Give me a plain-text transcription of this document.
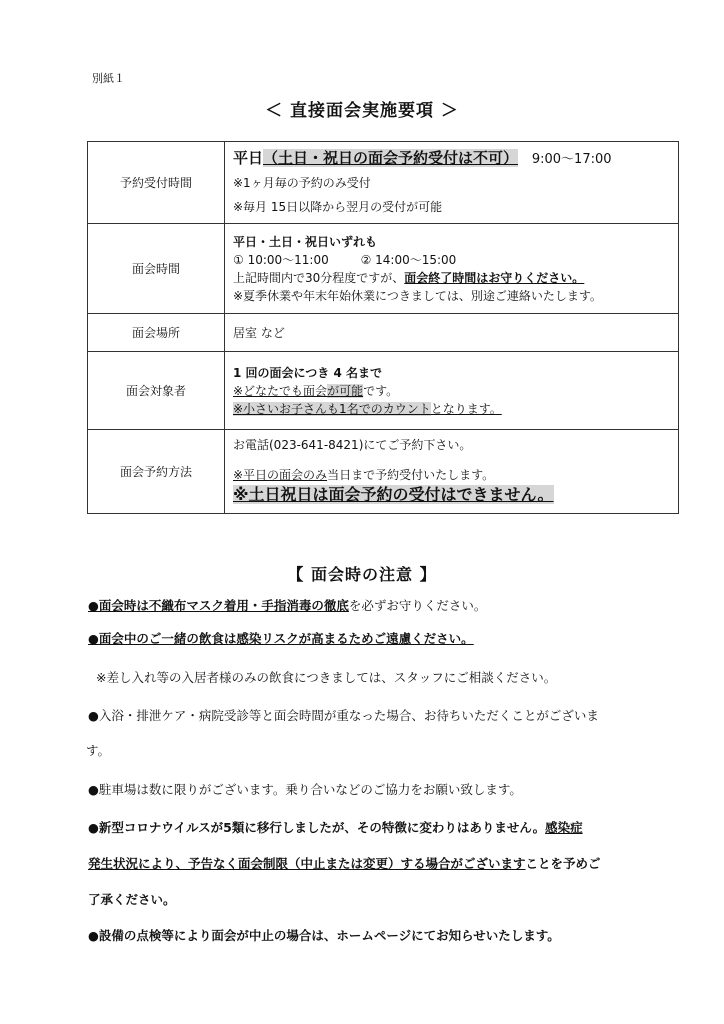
別紙１
＜ 直接面会実施要項 ＞
予約受付時間	平日（土日・祝日の面会予約受付は不可） 9:00～17:00
※1ヶ月毎の予約のみ受付
※毎月 15日以降から翌月の受付が可能

面会時間	平日・土日・祝日いずれも
① 10:00～11:00 ② 14:00～15:00
上記時間内で30分程度ですが、面会終了時間はお守りください。
※夏季休業や年末年始休業につきましては、別途ご連絡いたします。

面会場所	居室 など
面会対象者	1 回の面会につき 4 名まで
※どなたでも面会が可能です。
※小さいお子さんも1名でのカウントとなります。

面会予約方法	お電話(023-641-8421)にてご予約下さい。
※平日の面会のみ当日まで予約受付いたします。
※土日祝日は面会予約の受付はできません。
【 面会時の注意 】

●面会時は不織布マスク着用・手指消毒の徹底を必ずお守りください。

●面会中のご一緒の飲食は感染リスクが高まるためご遠慮ください。

※差し入れ等の入居者様のみの飲食につきましては、スタッフにご相談ください。

●入浴・排泄ケア・病院受診等と面会時間が重なった場合、お待ちいただくことがございま

す。

●駐車場は数に限りがございます。乗り合いなどのご協力をお願い致します。

●新型コロナウイルスが5類に移行しましたが、その特徴に変わりはありません。感染症

発生状況により、予告なく面会制限（中止または変更）する場合がございますことを予めご

了承ください。

●設備の点検等により面会が中止の場合は、ホームページにてお知らせいたします。
